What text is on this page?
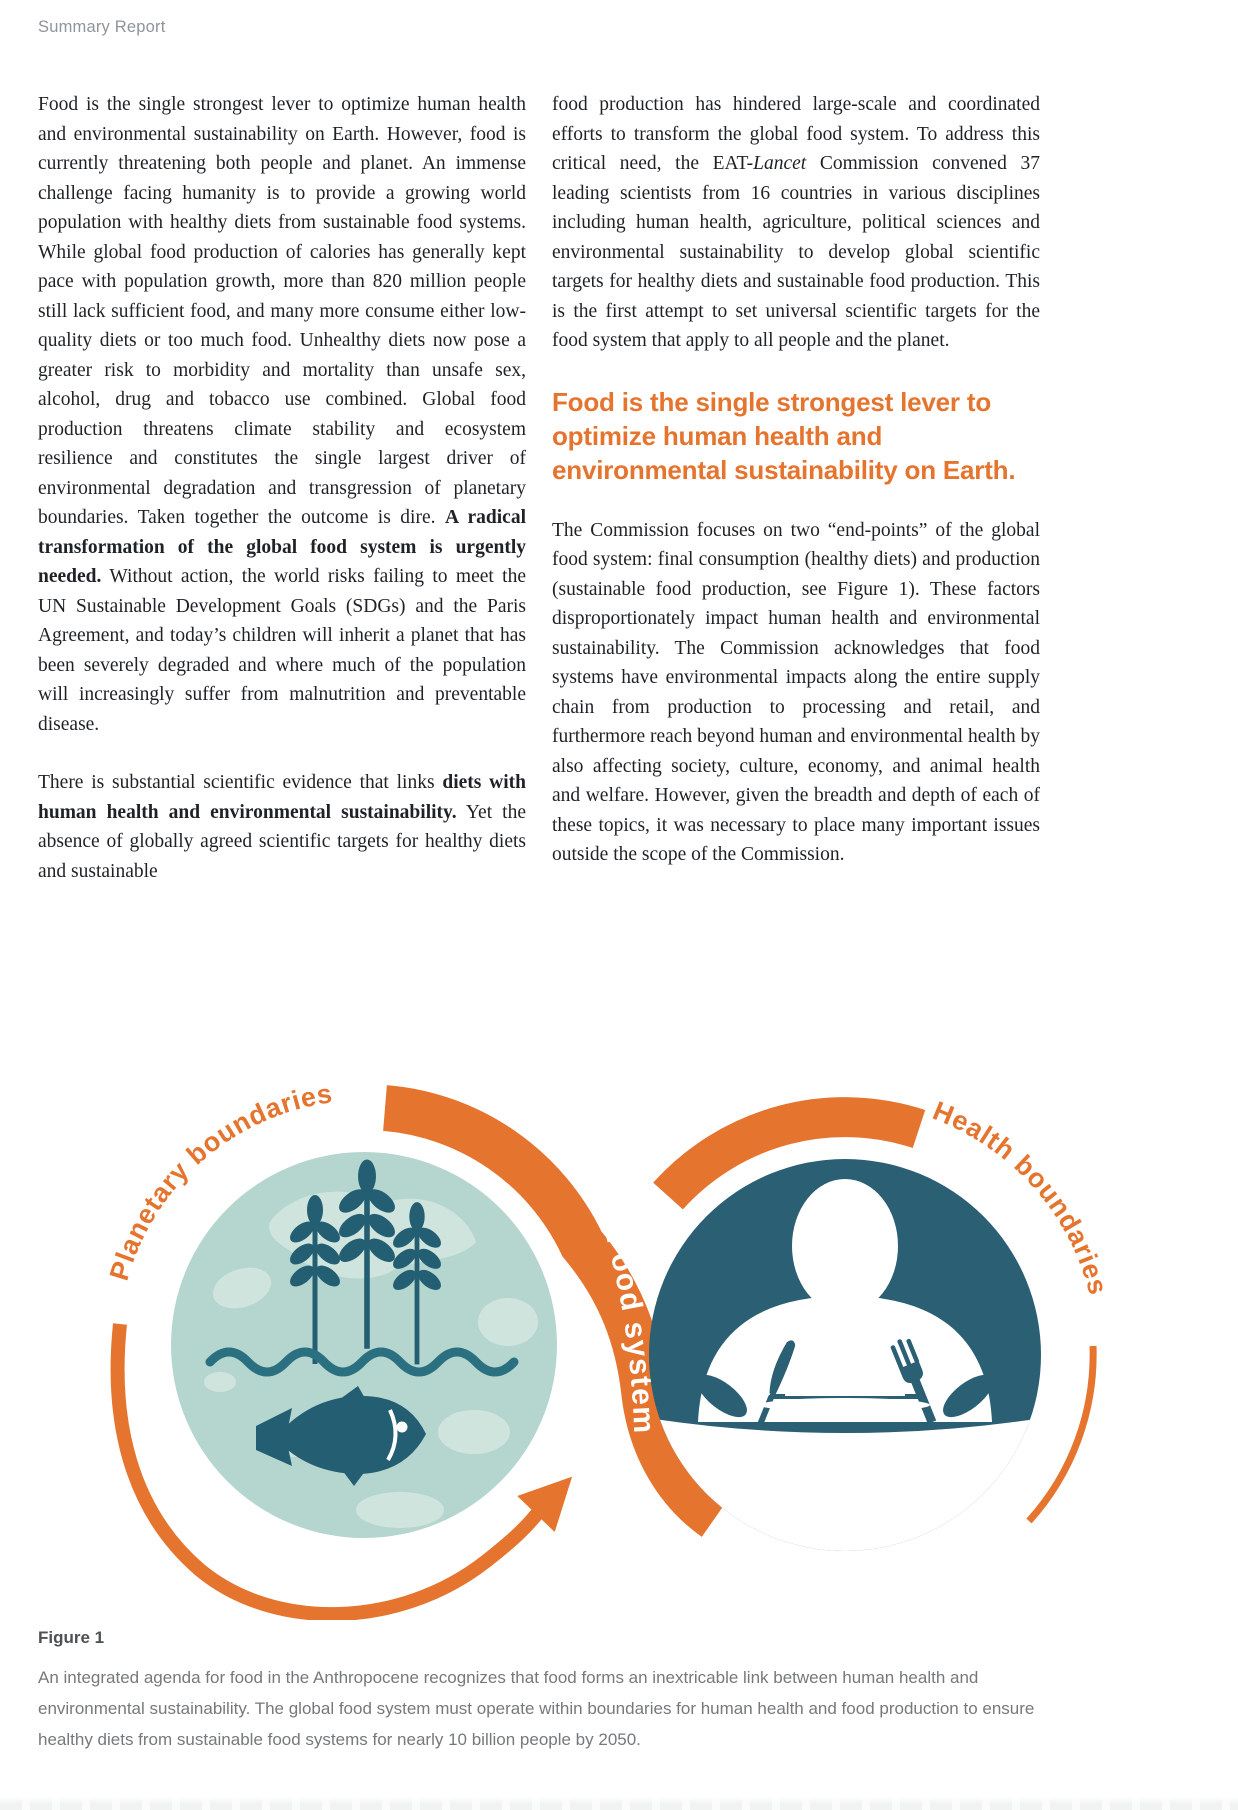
Summary Report

Food is the single strongest lever to optimize human health and environmental sustainability on Earth. However, food is currently threatening both people and planet. An immense challenge facing humanity is to provide a growing world population with healthy diets from sustainable food systems. While global food production of calories has generally kept pace with population growth, more than 820 million people still lack sufficient food, and many more consume either low-quality diets or too much food. Unhealthy diets now pose a greater risk to morbidity and mortality than unsafe sex, alcohol, drug and tobacco use combined. Global food production threatens climate stability and ecosystem resilience and constitutes the single largest driver of environmental degradation and transgression of planetary boundaries. Taken together the outcome is dire. A radical transformation of the global food system is urgently needed. Without action, the world risks failing to meet the UN Sustainable Development Goals (SDGs) and the Paris Agreement, and today’s children will inherit a planet that has been severely degraded and where much of the population will increasingly suffer from malnutrition and preventable disease.

There is substantial scientific evidence that links diets with human health and environmental sustainability. Yet the absence of globally agreed scientific targets for healthy diets and sustainable

food production has hindered large-scale and coordinated efforts to transform the global food system. To address this critical need, the EAT-Lancet Commission convened 37 leading scientists from 16 countries in various disciplines including human health, agriculture, political sciences and environmental sustainability to develop global scientific targets for healthy diets and sustainable food production. This is the first attempt to set universal scientific targets for the food system that apply to all people and the planet.

Food is the single strongest lever to optimize human health and environmental sustainability on Earth.

The Commission focuses on two “end-points” of the global food system: final consumption (healthy diets) and production (sustainable food production, see Figure 1). These factors disproportionately impact human health and environmental sustainability. The Commission acknowledges that food systems have environmental impacts along the entire supply chain from production to processing and retail, and furthermore reach beyond human and environmental health by also affecting society, culture, economy, and animal health and welfare. However, given the breadth and depth of each of these topics, it was necessary to place many important issues outside the scope of the Commission.

Planetary boundaries
Health boundaries
Food system
Figure 1
An integrated agenda for food in the Anthropocene recognizes that food forms an inextricable link between human health and environmental sustainability. The global food system must operate within boundaries for human health and food production to ensure healthy diets from sustainable food systems for nearly 10 billion people by 2050.
